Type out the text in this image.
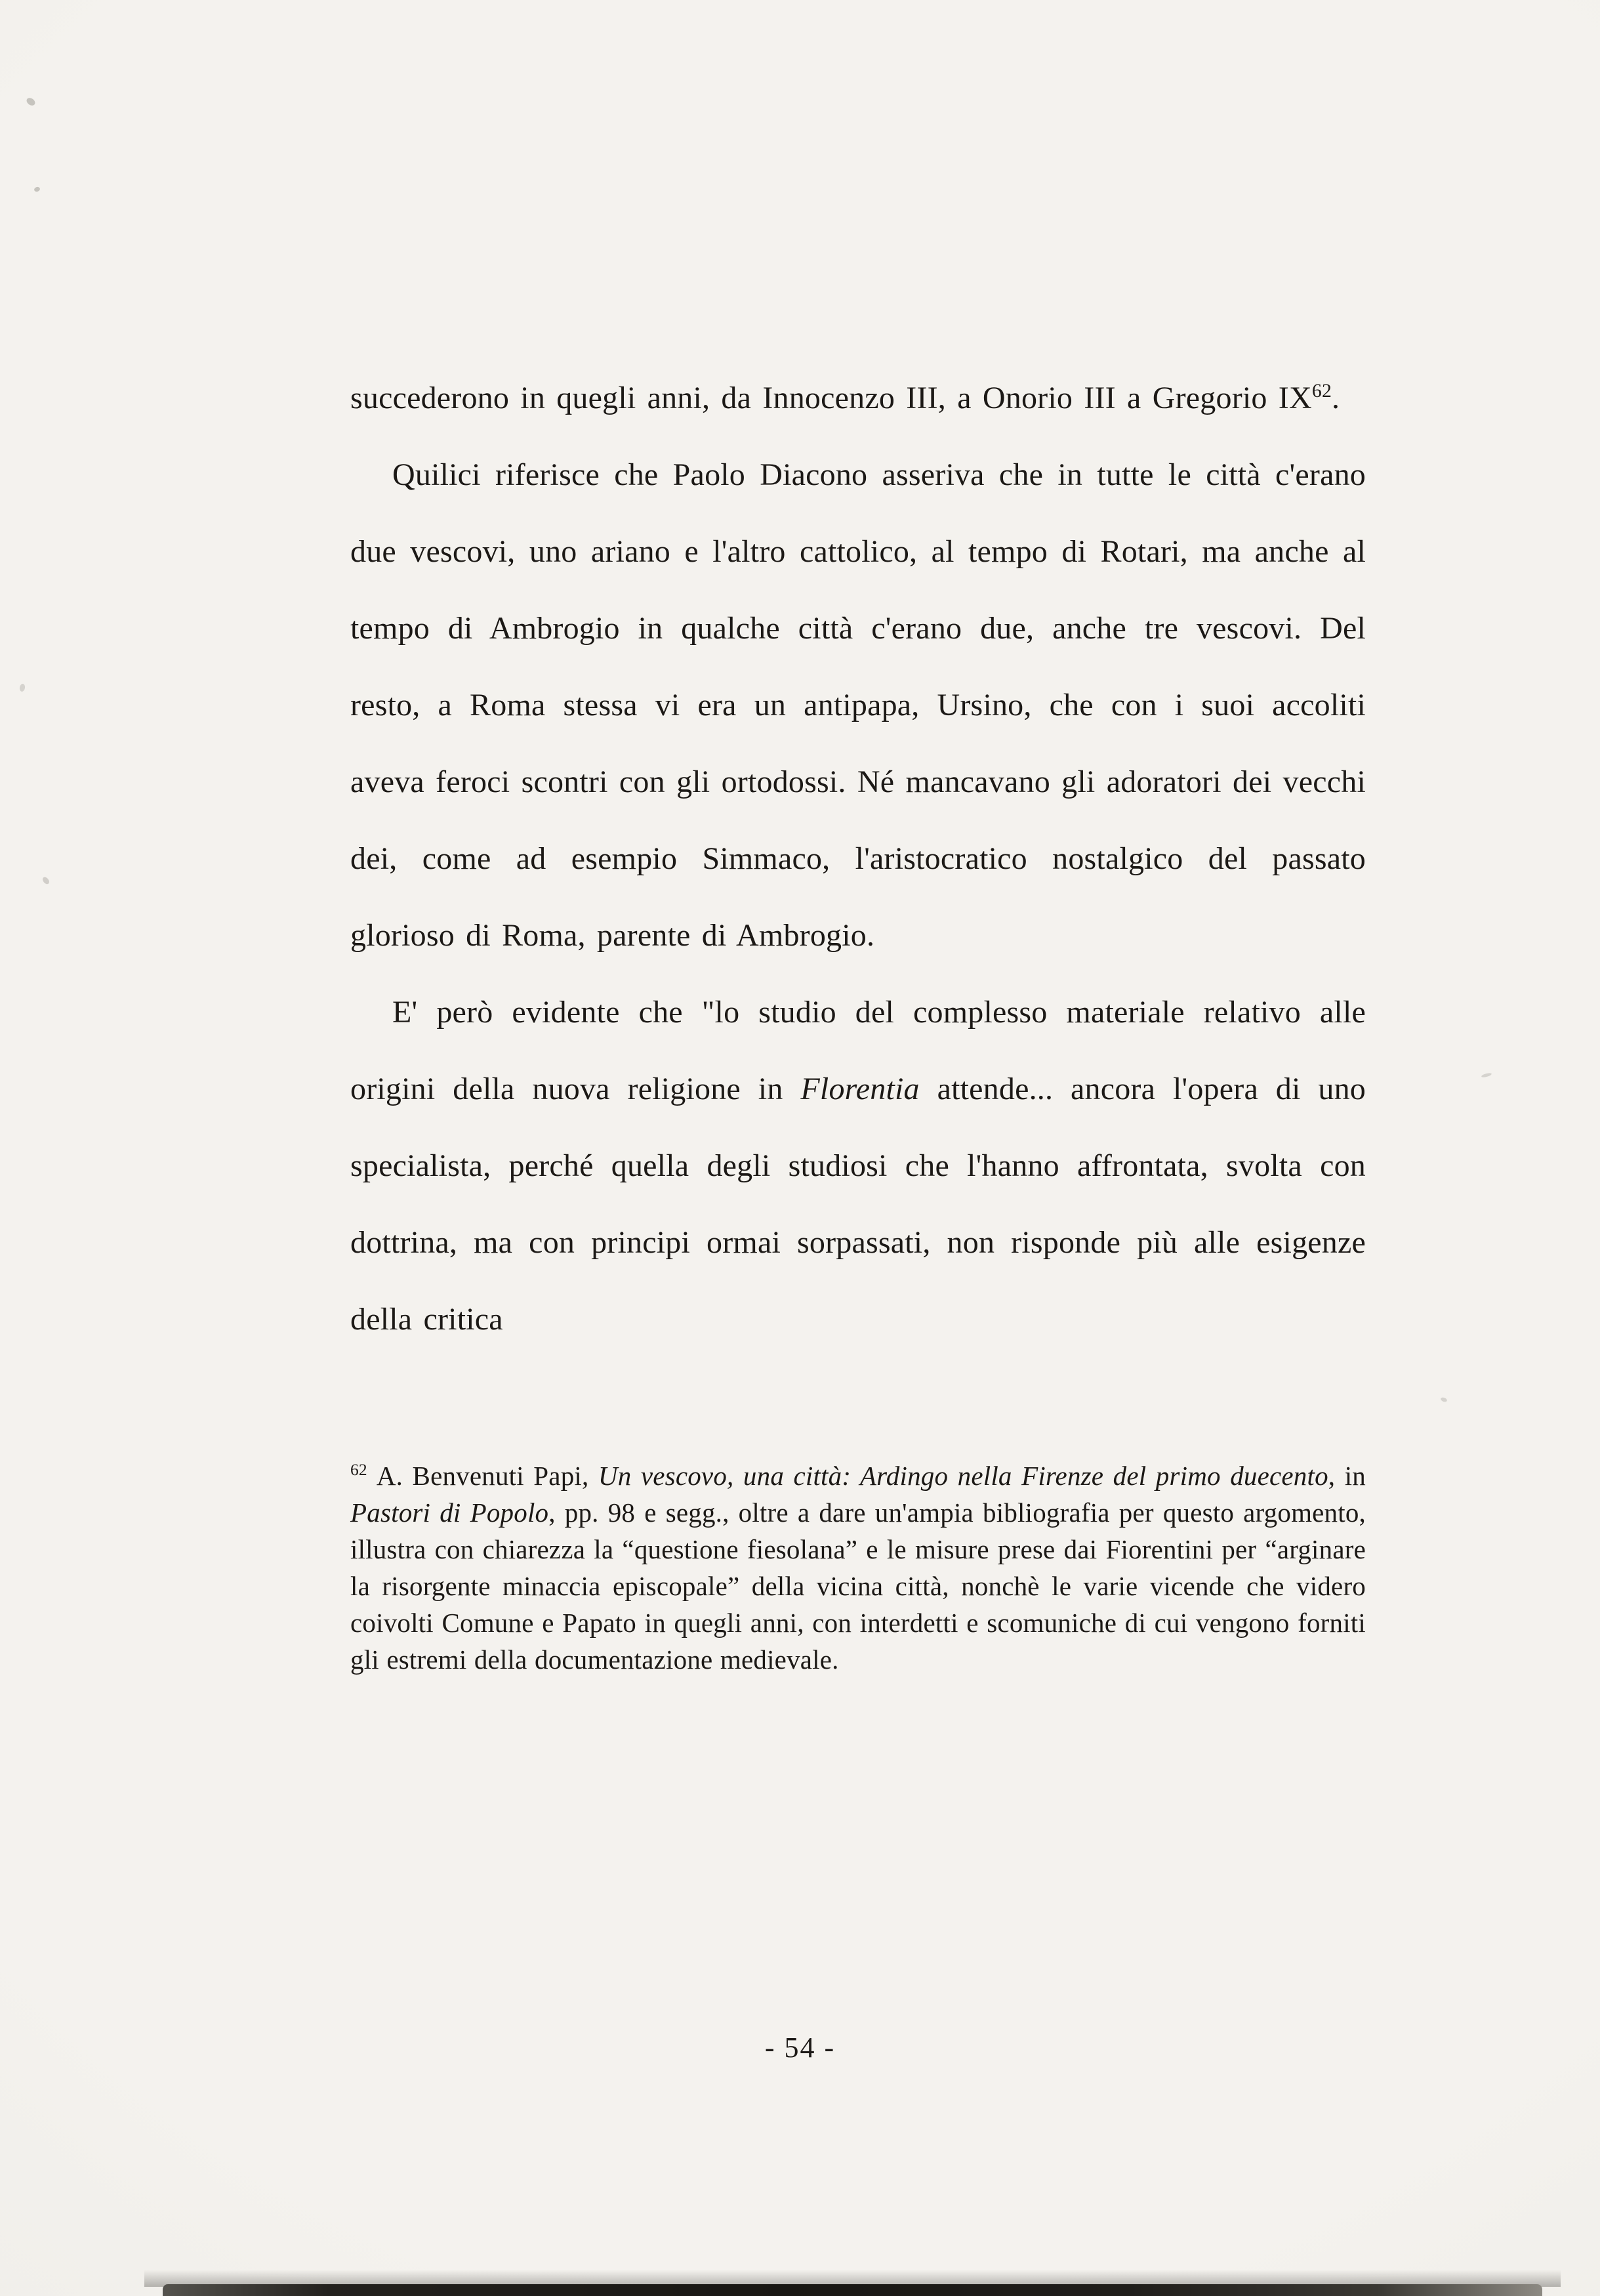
succederono in quegli anni, da Innocenzo III, a Onorio III a Gregorio IX$^{62}$.

Quilici riferisce che Paolo Diacono asseriva che in tutte le città c'erano due vescovi, uno ariano e l'altro cattolico, al tempo di Rotari, ma anche al tempo di Ambrogio in qualche città c'erano due, anche tre vescovi. Del resto, a Roma stessa vi era un antipapa, Ursino, che con i suoi accoliti aveva feroci scontri con gli ortodossi. Né mancavano gli adoratori dei vecchi dei, come ad esempio Simmaco, l'aristocratico nostalgico del passato glorioso di Roma, parente di Ambrogio.

E' però evidente che "lo studio del complesso materiale relativo alle origini della nuova religione in Florentia attende... ancora l'opera di uno specialista, perché quella degli studiosi che l'hanno affrontata, svolta con dottrina, ma con principi ormai sorpassati, non risponde più alle esigenze della critica

$^{62}$ A. Benvenuti Papi, Un vescovo, una città: Ardingo nella Firenze del primo duecento, in Pastori di Popolo, pp. 98 e segg., oltre a dare un'ampia bibliografia per questo argomento, illustra con chiarezza la “questione fiesolana” e le misure prese dai Fiorentini per “arginare la risorgente minaccia episcopale” della vicina città, nonchè le varie vicende che videro coivolti Comune e Papato in quegli anni, con interdetti e scomuniche di cui vengono forniti gli estremi della documentazione medievale.
- 54 -
